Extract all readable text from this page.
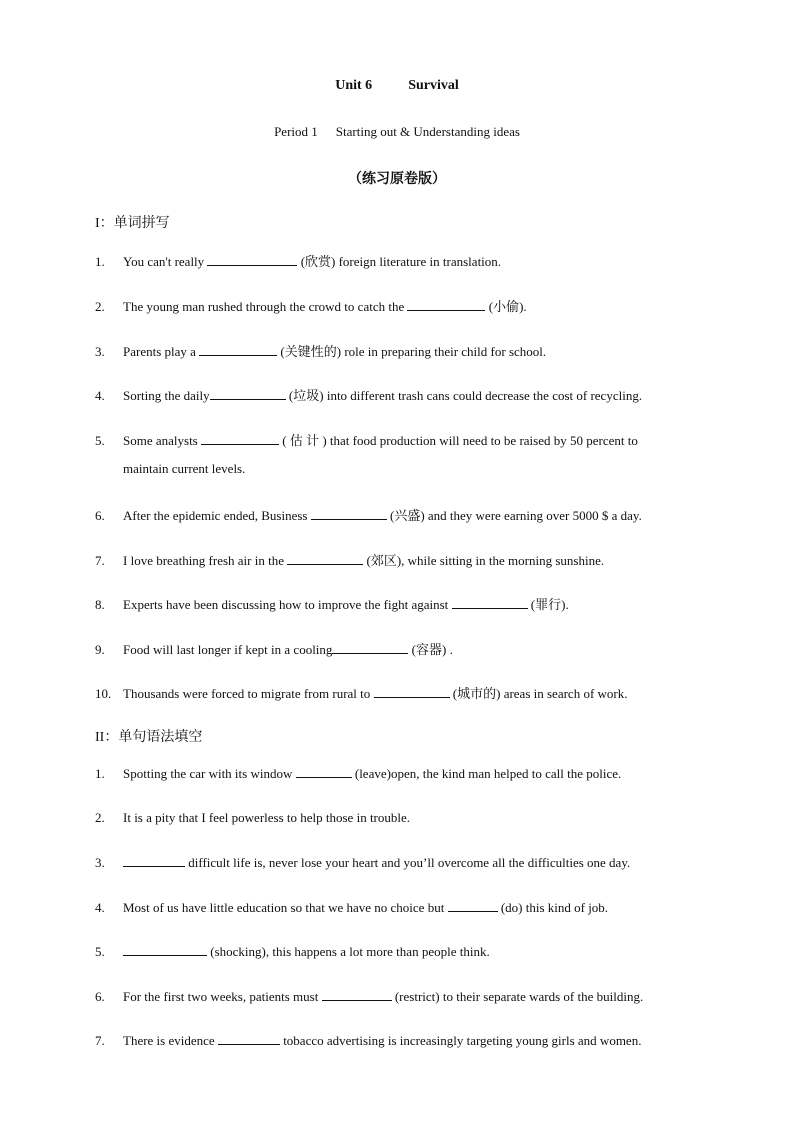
Unit 6	Survival
Period 1 Starting out & Understanding ideas
（练习原卷版）
I：单词拼写
1. You can't really	(欣赏) foreign literature in translation.
2. The young man rushed through the crowd to catch the	(小偷).
3. Parents play a	(关键性的) role in preparing their child for school.
4. Sorting the daily	(垃圾) into different trash cans could decrease the cost of recycling.
5. Some analysts	( 估 计 ) that food production will need to be raised by 50 percent to
maintain current levels.
6. After the epidemic ended, Business	(兴盛) and they were earning over 5000 $ a day.
7. I love breathing fresh air in the	(郊区), while sitting in the morning sunshine.
8. Experts have been discussing how to improve the fight against	(罪行).
9. Food will last longer if kept in a cooling	(容器) .
10. Thousands were forced to migrate from rural to	(城市的) areas in search of work.
II：单句语法填空
1. Spotting the car with its window	(leave)open, the kind man helped to call the police.
2. It is a pity that I feel powerless to help those in trouble.
3.	difficult life is, never lose your heart and you’ll overcome all the difficulties one day.
4. Most of us have little education so that we have no choice but	(do) this kind of job.
5.	(shocking), this happens a lot more than people think.
6. For the first two weeks, patients must	(restrict) to their separate wards of the building.
7. There is evidence	tobacco advertising is increasingly targeting young girls and women.
